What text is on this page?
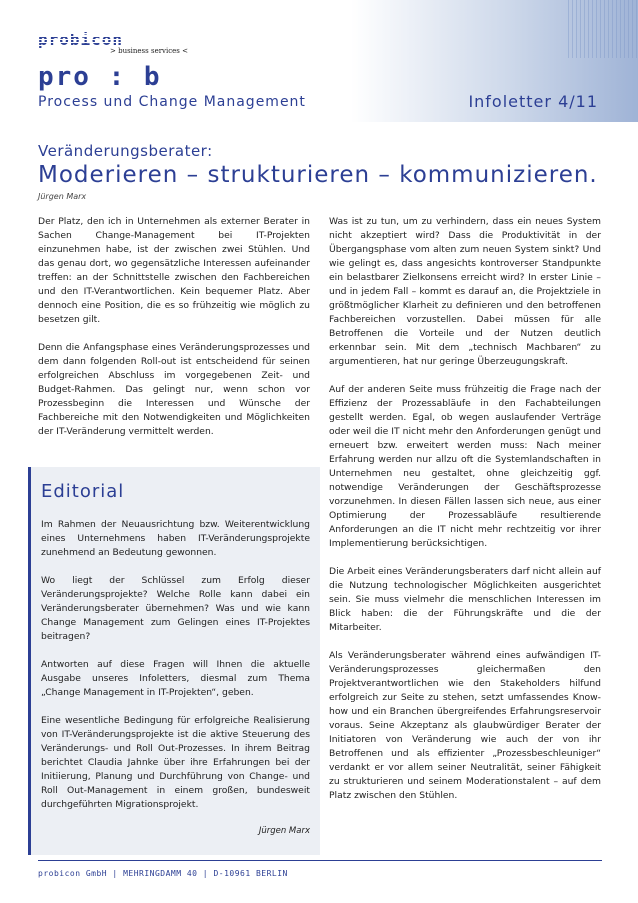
probicon
> business services <
pro : b
Process und Change Management	Infoletter 4/11
Veränderungsberater:
Moderieren – strukturieren – kommunizieren.
Jürgen Marx

Der Platz, den ich in Unternehmen als externer Berater in Sachen Change-Management bei IT-Projekten einzunehmen habe, ist der zwischen zwei Stühlen. Und das genau dort, wo gegensätzliche Interessen aufeinander treffen: an der Schnittstelle zwischen den Fachbereichen und den IT-Verantwortlichen. Kein bequemer Platz. Aber dennoch eine Position, die es so frühzeitig wie möglich zu besetzen gilt.

Denn die Anfangsphase eines Veränderungsprozesses und dem dann folgenden Roll-out ist entscheidend für seinen erfolgreichen Abschluss im vorgegebenen Zeit- und Budget-Rahmen. Das gelingt nur, wenn schon vor Prozessbeginn die Interessen und Wünsche der Fachbereiche mit den Notwendigkeiten und Möglichkeiten der IT-Veränderung vermittelt werden.

Was ist zu tun, um zu verhindern, dass ein neues System nicht akzeptiert wird? Dass die Produktivität in der Übergangsphase vom alten zum neuen System sinkt? Und wie gelingt es, dass angesichts kontroverser Standpunkte ein belastbarer Zielkonsens erreicht wird? In erster Linie – und in jedem Fall – kommt es darauf an, die Projektziele in größtmöglicher Klarheit zu definieren und den betroffenen Fachbereichen vorzustellen. Dabei müssen für alle Betroffenen die Vorteile und der Nutzen deutlich erkennbar sein. Mit dem „technisch Machbaren“ zu argumentieren, hat nur geringe Überzeugungskraft.

Auf der anderen Seite muss frühzeitig die Frage nach der Effizienz der Prozessabläufe in den Fachabteilungen gestellt werden. Egal, ob wegen auslaufender Verträge oder weil die IT nicht mehr den Anforderungen genügt und erneuert bzw. erweitert werden muss: Nach meiner Erfahrung werden nur allzu oft die Systemlandschaften in Unternehmen neu gestaltet, ohne gleichzeitig ggf. notwendige Veränderungen der Geschäftsprozesse vorzunehmen. In diesen Fällen lassen sich neue, aus einer Optimierung der Prozessabläufe resultierende Anforderungen an die IT nicht mehr rechtzeitig vor ihrer Implementierung berücksichtigen.

Die Arbeit eines Veränderungsberaters darf nicht allein auf die Nutzung technologischer Möglichkeiten ausgerichtet sein. Sie muss vielmehr die menschlichen Interessen im Blick haben: die der Führungskräfte und die der Mitarbeiter.

Als Veränderungsberater während eines aufwändigen IT-Veränderungsprozesses gleichermaßen den Projektverantwortlichen wie den Stakeholders hilfund erfolgreich zur Seite zu stehen, setzt umfassendes Know-how und ein Branchen übergreifendes Erfahrungsreservoir voraus. Seine Akzeptanz als glaubwürdiger Berater der Initiatoren von Veränderung wie auch der von ihr Betroffenen und als effizienter „Prozessbeschleuniger“ verdankt er vor allem seiner Neutralität, seiner Fähigkeit zu strukturieren und seinem Moderationstalent – auf dem Platz zwischen den Stühlen.

Editorial

Im Rahmen der Neuausrichtung bzw. Weiterentwicklung eines Unternehmens haben IT-Veränderungsprojekte zunehmend an Bedeutung gewonnen.

Wo liegt der Schlüssel zum Erfolg dieser Veränderungsprojekte? Welche Rolle kann dabei ein Veränderungsberater übernehmen? Was und wie kann Change Management zum Gelingen eines IT-Projektes beitragen?

Antworten auf diese Fragen will Ihnen die aktuelle Ausgabe unseres Infoletters, diesmal zum Thema „Change Management in IT-Projekten“, geben.

Eine wesentliche Bedingung für erfolgreiche Realisierung von IT-Veränderungsprojekte ist die aktive Steuerung des Veränderungs- und Roll Out-Prozesses. In ihrem Beitrag berichtet Claudia Jahnke über ihre Erfahrungen bei der Initiierung, Planung und Durchführung von Change- und Roll Out-Management in einem großen, bundesweit durchgeführten Migrationsprojekt.

Jürgen Marx
probicon GmbH | MEHRINGDAMM 40 | D-10961 BERLIN
